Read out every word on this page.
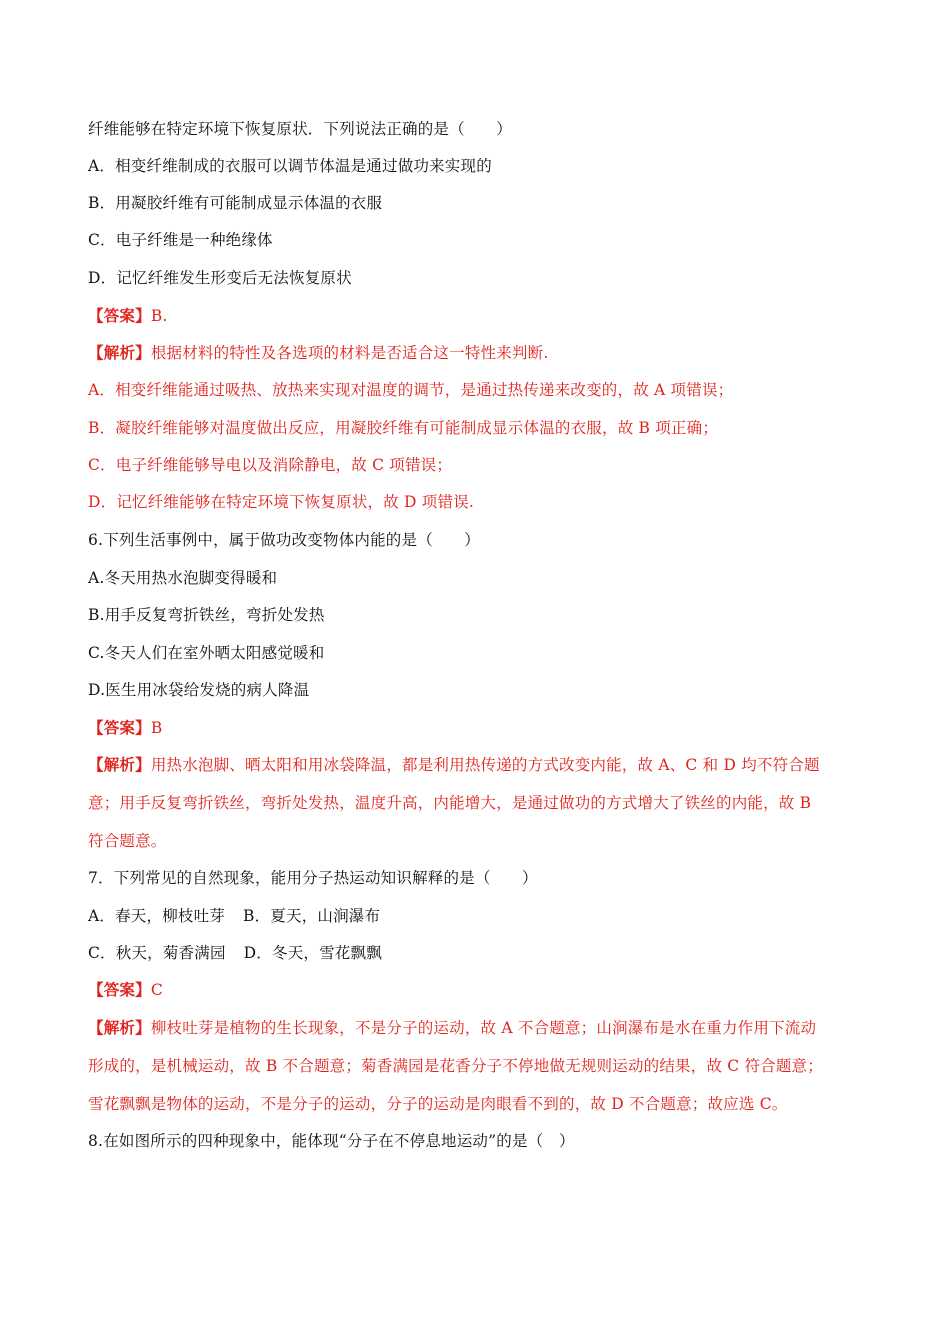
纤维能够在特定环境下恢复原状．下列说法正确的是（　　）
A．相变纤维制成的衣服可以调节体温是通过做功来实现的
B．用凝胶纤维有可能制成显示体温的衣服
C．电子纤维是一种绝缘体
D．记忆纤维发生形变后无法恢复原状
【答案】B.
【解析】根据材料的特性及各选项的材料是否适合这一特性来判断.
A．相变纤维能通过吸热、放热来实现对温度的调节，是通过热传递来改变的，故 A 项错误；
B．凝胶纤维能够对温度做出反应，用凝胶纤维有可能制成显示体温的衣服，故 B 项正确；
C．电子纤维能够导电以及消除静电，故 C 项错误；
D．记忆纤维能够在特定环境下恢复原状，故 D 项错误.
6.下列生活事例中，属于做功改变物体内能的是（　　）
A.冬天用热水泡脚变得暖和
B.用手反复弯折铁丝，弯折处发热
C.冬天人们在室外晒太阳感觉暖和
D.医生用冰袋给发烧的病人降温
【答案】B
【解析】用热水泡脚、晒太阳和用冰袋降温，都是利用热传递的方式改变内能，故 A、C 和 D 均不符合题
意；用手反复弯折铁丝，弯折处发热，温度升高，内能增大，是通过做功的方式增大了铁丝的内能，故 B
符合题意。
7．下列常见的自然现象，能用分子热运动知识解释的是（　　）
A．春天，柳枝吐芽 B．夏天，山涧瀑布
C．秋天，菊香满园 D．冬天，雪花飘飘
【答案】C
【解析】柳枝吐芽是植物的生长现象，不是分子的运动，故 A 不合题意；山涧瀑布是水在重力作用下流动
形成的，是机械运动，故 B 不合题意；菊香满园是花香分子不停地做无规则运动的结果，故 C 符合题意；
雪花飘飘是物体的运动，不是分子的运动，分子的运动是肉眼看不到的，故 D 不合题意；故应选 C。
8.在如图所示的四种现象中，能体现“分子在不停息地运动”的是（　）
